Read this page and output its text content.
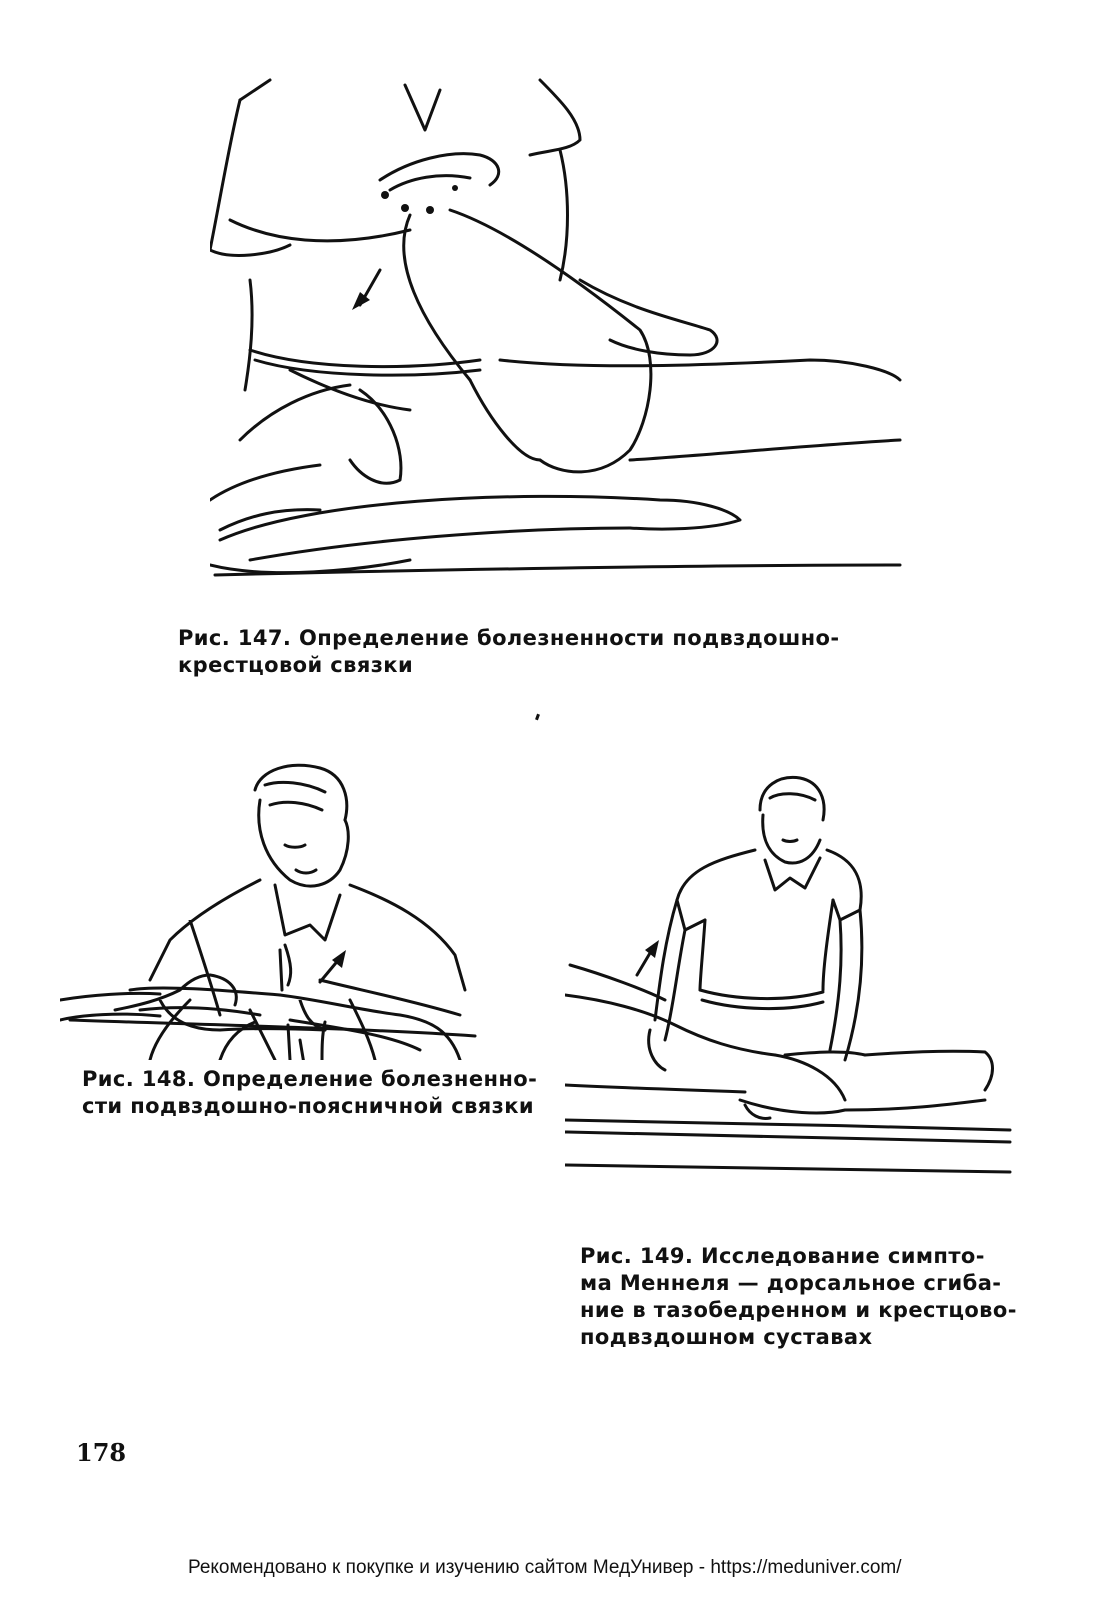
Рис. 147. Определение болезненности подвздошно-
крестцовой связки
Рис. 148. Определение болезненно-
сти подвздошно-поясничной связки
Рис. 149. Исследование симпто-
ма Меннеля — дорсальное сгиба-
ние в тазобедренном и крестцово-
подвздошном суставах
178
Рекомендовано к покупке и изучению сайтом МедУнивер - https://meduniver.com/
